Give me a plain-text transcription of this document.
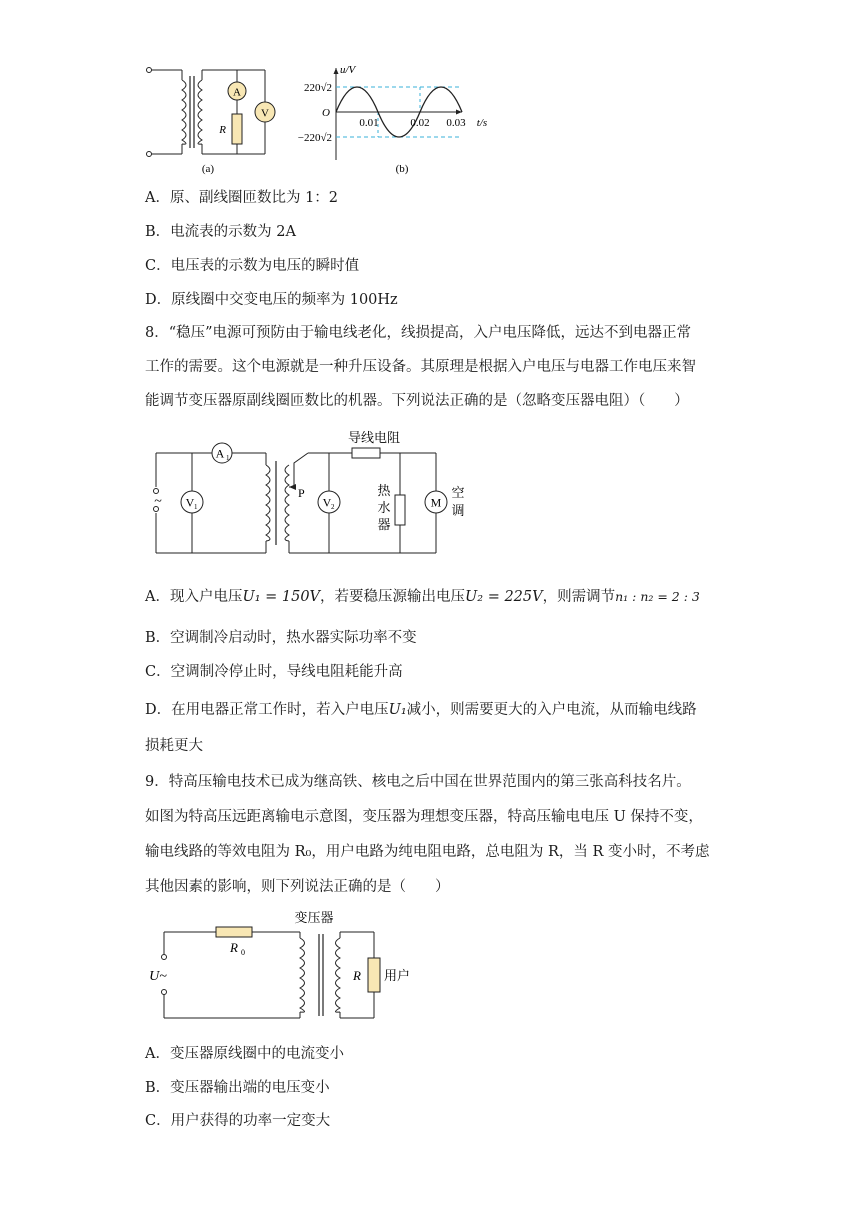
A
R
V
(a)
u/V
220√2
−220√2
O
0.01	0.02 0.03 t/s
(b)
A．原、副线圈匝数比为 1：2
B．电流表的示数为 2A
C．电压表的示数为电压的瞬时值
D．原线圈中交变电压的频率为 100Hz
8．“稳压”电源可预防由于输电线老化，线损提高，入户电压降低，远达不到电器正常
工作的需要。这个电源就是一种升压设备。其原理是根据入户电压与电器工作电压来智
能调节变压器原副线圈匝数比的机器。下列说法正确的是（忽略变压器电阻）（　　）
~
A 1
V 1
P
V 2
导线电阻
热
水
器
M
空
调
A．现入户电压U₁ = 150V，若要稳压源输出电压U₂ = 225V，则需调节n₁ : n₂ = 2 : 3
B．空调制冷启动时，热水器实际功率不变
C．空调制冷停止时，导线电阻耗能升高
D．在用电器正常工作时，若入户电压U₁减小，则需要更大的入户电流，从而输电线路
损耗更大
9．特高压输电技术已成为继高铁、核电之后中国在世界范围内的第三张高科技名片。
如图为特高压远距离输电示意图，变压器为理想变压器，特高压输电电压 U 保持不变，
输电线路的等效电阻为 R₀，用户电路为纯电阻电路，总电阻为 R，当 R 变小时，不考虑
其他因素的影响，则下列说法正确的是（　　）
U~
R 0
变压器
R 用户
A．变压器原线圈中的电流变小
B．变压器输出端的电压变小
C．用户获得的功率一定变大
